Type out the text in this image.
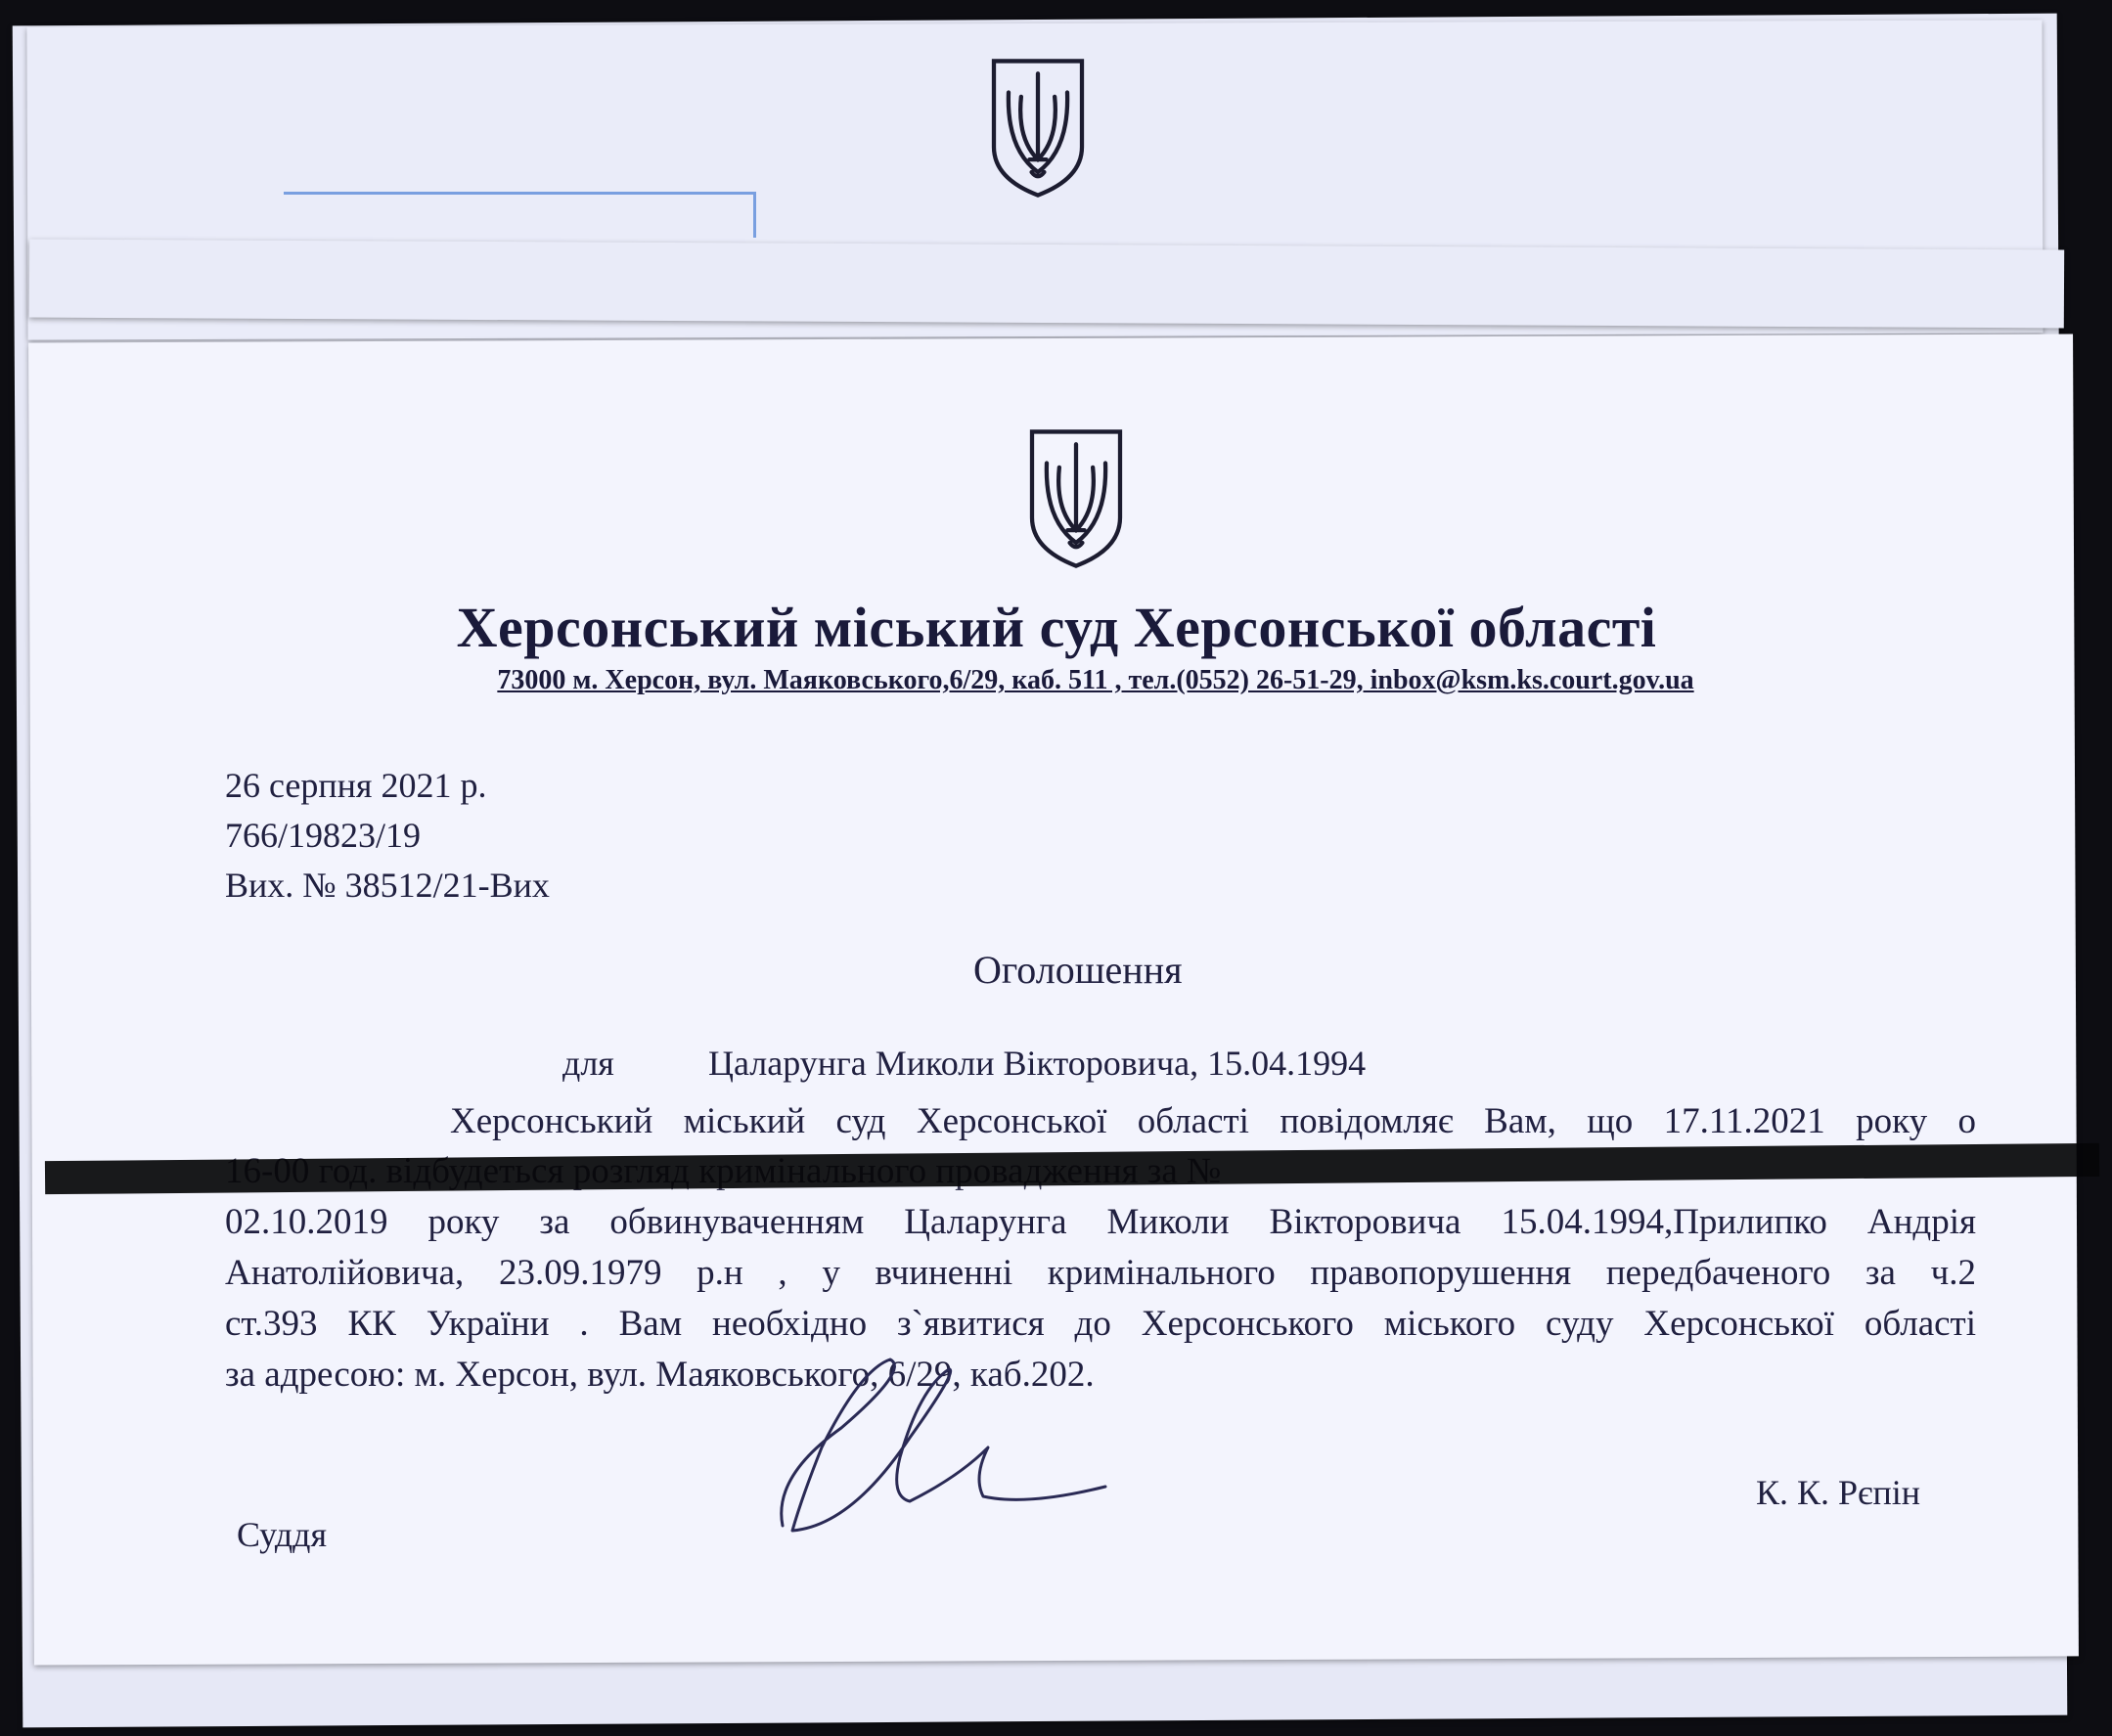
Херсонський міський суд Херсонської області
73000 м. Херсон, вул. Маяковського,6/29, каб. 511 , тел.(0552) 26-51-29, inbox@ksm.ks.court.gov.ua
26 серпня 2021 р.
766/19823/19
Вих. № 38512/21-Вих
Оголошення
для	Цаларунга Миколи Вікторовича, 15.04.1994
Херсонський міський суд Херсонської області повідомляє Вам, що 17.11.2021 року о
02.10.2019 року за обвинуваченням Цаларунга Миколи Вікторовича 15.04.1994,Прилипко Андрія
Анатолійовича, 23.09.1979 р.н , у вчиненні кримінального правопорушення передбаченого за ч.2
ст.393 КК України . Вам необхідно з`явитися до Херсонського міського суду Херсонської області
за адресою: м. Херсон, вул. Маяковського, 6/29, каб.202.
К. К. Рєпін
Суддя
